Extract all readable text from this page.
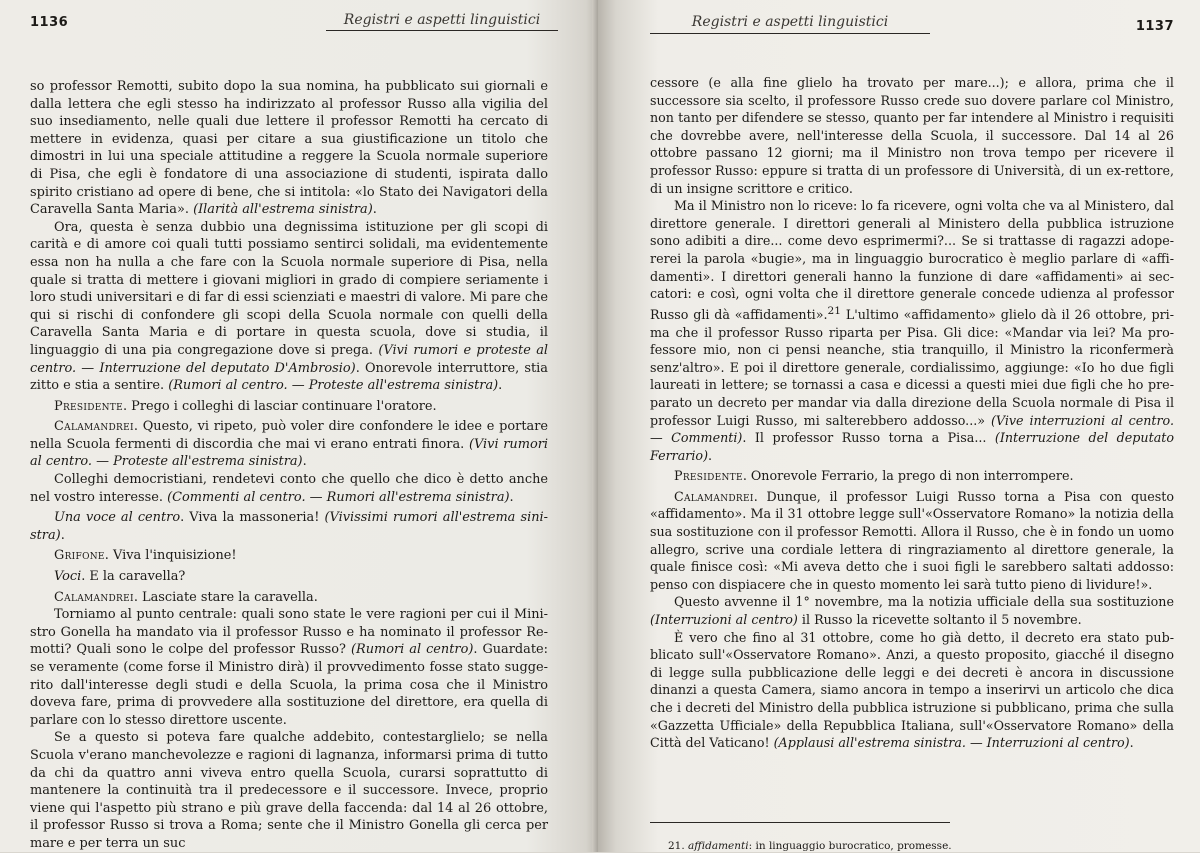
1136	Registri e aspetti linguistici

so professor Remotti, subito dopo la sua nomina, ha pubblicato sui giornali e dalla lettera che egli stesso ha indirizzato al professor Russo alla vigilia del suo insediamento, nelle quali due lettere il professor Remotti ha cercato di mettere in evidenza, quasi per citare a sua giustificazione un titolo che dimostri in lui una speciale attitudine a reggere la Scuola normale superiore di Pisa, che egli è fondatore di una associazione di studenti, ispirata dallo spirito cristiano ad opere di bene, che si intitola: «lo Stato dei Navigatori della Caravella Santa Maria». (Ilarità all'estrema sinistra).

Ora, questa è senza dubbio una degnissima istituzione per gli scopi di carità e di amore coi quali tutti possiamo sentirci solidali, ma evidentemente essa non ha nulla a che fare con la Scuola normale superiore di Pisa, nella quale si tratta di mettere i giovani migliori in grado di compiere seriamente i loro studi universitari e di far di essi scienziati e maestri di valore. Mi pare che qui si rischi di confondere gli scopi della Scuola normale con quelli della Caravella Santa Maria e di portare in questa scuola, dove si studia, il linguaggio di una pia congregazione dove si prega. (Vivi rumori e proteste al centro. — Interruzione del deputato D'Ambrosio). Onorevole interruttore, stia zitto e stia a sentire. (Rumori al centro. — Proteste all'estrema sinistra).

Presidente. Prego i colleghi di lasciar continuare l'oratore.

Calamandrei. Questo, vi ripeto, può voler dire confondere le idee e portare nella Scuola fermenti di discordia che mai vi erano entrati finora. (Vivi rumori al centro. — Proteste all'estrema sinistra).

Colleghi democristiani, rendetevi conto che quello che dico è detto anche nel vostro interesse. (Commenti al centro. — Rumori all'estrema sinistra).

Una voce al centro. Viva la massoneria! (Vivissimi rumori all'estrema sinistra).

Grifone. Viva l'inquisizione!

Voci. E la caravella?

Calamandrei. Lasciate stare la caravella.

Torniamo al punto centrale: quali sono state le vere ragioni per cui il Ministro Gonella ha mandato via il professor Russo e ha nominato il professor Remotti? Quali sono le colpe del professor Russo? (Rumori al centro). Guardate: se veramente (come forse il Ministro dirà) il provvedimento fosse stato suggerito dall'interesse degli studi e della Scuola, la prima cosa che il Ministro doveva fare, prima di provvedere alla sostituzione del direttore, era quella di parlare con lo stesso direttore uscente.

Se a questo si poteva fare qualche addebito, contestarglielo; se nella Scuola v'erano manchevolezze e ragioni di lagnanza, informarsi prima di tutto da chi da quattro anni viveva entro quella Scuola, curarsi soprattutto di mantenere la continuità tra il predecessore e il successore. Invece, proprio viene qui l'aspetto più strano e più grave della faccenda: dal 14 al 26 ottobre, il professor Russo si trova a Roma; sente che il Ministro Gonella gli cerca per mare e per terra un suc

Registri e aspetti linguistici	1137

cessore (e alla fine glielo ha trovato per mare...); e allora, prima che il successore sia scelto, il professore Russo crede suo dovere parlare col Ministro, non tanto per difendere se stesso, quanto per far intendere al Ministro i requisiti che dovrebbe avere, nell'interesse della Scuola, il successore. Dal 14 al 26 ottobre passano 12 giorni; ma il Ministro non trova tempo per ricevere il professor Russo: eppure si tratta di un professore di Università, di un ex-rettore, di un insigne scrittore e critico.

Ma il Ministro non lo riceve: lo fa ricevere, ogni volta che va al Ministero, dal direttore generale. I direttori generali al Ministero della pubblica istruzione sono adibiti a dire... come devo esprimermi?... Se si trattasse di ragazzi adopererei la parola «bugie», ma in linguaggio burocratico è meglio parlare di «affidamenti». I direttori generali hanno la funzione di dare «affidamenti» ai seccatori: e così, ogni volta che il direttore generale concede udienza al professor Russo gli dà «affidamenti».$^{21}$ L'ultimo «affidamento» glielo dà il 26 ottobre, prima che il professor Russo riparta per Pisa. Gli dice: «Mandar via lei? Ma professore mio, non ci pensi neanche, stia tranquillo, il Ministro la riconfermerà senz'altro». E poi il direttore generale, cordialissimo, aggiunge: «Io ho due figli laureati in lettere; se tornassi a casa e dicessi a questi miei due figli che ho preparato un decreto per mandar via dalla direzione della Scuola normale di Pisa il professor Luigi Russo, mi salterebbero addosso...» (Vive interruzioni al centro. — Commenti). Il professor Russo torna a Pisa... (Interruzione del deputato Ferrario).

Presidente. Onorevole Ferrario, la prego di non interrompere.

Calamandrei. Dunque, il professor Luigi Russo torna a Pisa con questo «affidamento». Ma il 31 ottobre legge sull'«Osservatore Romano» la notizia della sua sostituzione con il professor Remotti. Allora il Russo, che è in fondo un uomo allegro, scrive una cordiale lettera di ringraziamento al direttore generale, la quale finisce così: «Mi aveva detto che i suoi figli le sarebbero saltati addosso: penso con dispiacere che in questo momento lei sarà tutto pieno di lividure!».

Questo avvenne il 1° novembre, ma la notizia ufficiale della sua sostituzione (Interruzioni al centro) il Russo la ricevette soltanto il 5 novembre.

È vero che fino al 31 ottobre, come ho già detto, il decreto era stato pubblicato sull'«Osservatore Romano». Anzi, a questo proposito, giacché il disegno di legge sulla pubblicazione delle leggi e dei decreti è ancora in discussione dinanzi a questa Camera, siamo ancora in tempo a inserirvi un articolo che dica che i decreti del Ministro della pubblica istruzione si pubblicano, prima che sulla «Gazzetta Ufficiale» della Repubblica Italiana, sull'«Osservatore Romano» della Città del Vaticano! (Applausi all'estrema sinistra. — Interruzioni al centro).

21. affidamenti: in linguaggio burocratico, promesse.
